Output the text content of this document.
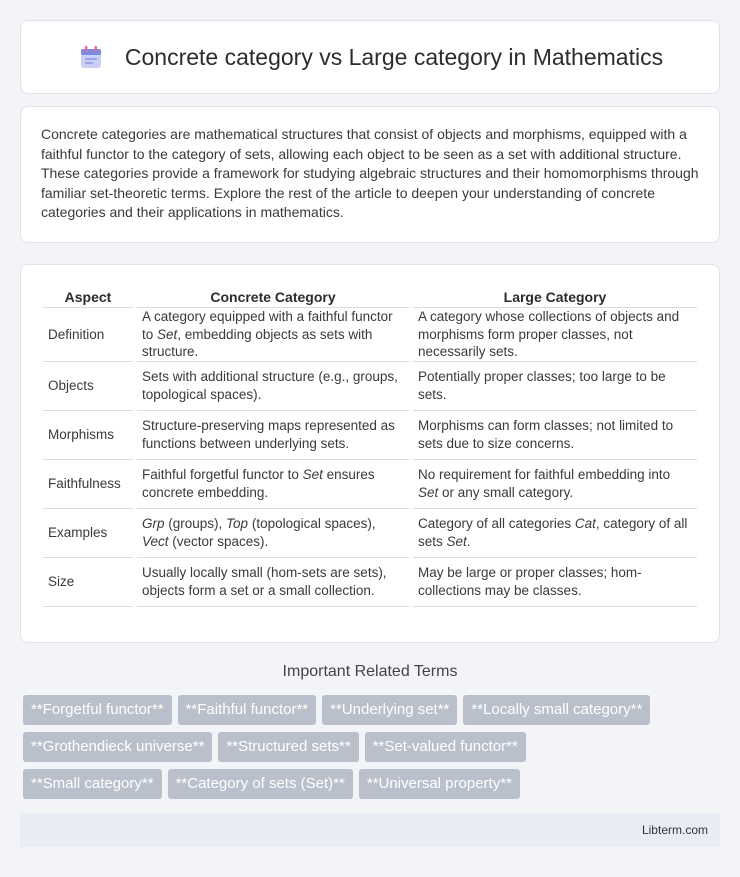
Concrete category vs Large category in Mathematics

Concrete categories are mathematical structures that consist of objects and morphisms, equipped with a faithful functor to the category of sets, allowing each object to be seen as a set with additional structure. These categories provide a framework for studying algebraic structures and their homomorphisms through familiar set-theoretic terms. Explore the rest of the article to deepen your understanding of concrete categories and their applications in mathematics.

Aspect	Concrete Category	Large Category
Definition	A category equipped with a faithful functor to Set, embedding objects as sets with structure.	A category whose collections of objects and morphisms form proper classes, not necessarily sets.
Objects	Sets with additional structure (e.g., groups, topological spaces).	Potentially proper classes; too large to be sets.
Morphisms	Structure-preserving maps represented as functions between underlying sets.	Morphisms can form classes; not limited to sets due to size concerns.
Faithfulness	Faithful forgetful functor to Set ensures concrete embedding.	No requirement for faithful embedding into Set or any small category.
Examples	Grp (groups), Top (topological spaces), Vect (vector spaces).	Category of all categories Cat, category of all sets Set.
Size	Usually locally small (hom-sets are sets), objects form a set or a small collection.	May be large or proper classes; hom-collections may be classes.
Important Related Terms
**Forgetful functor**	**Faithful functor**	**Underlying set**	**Locally small category**
**Grothendieck universe**	**Structured sets**	**Set-valued functor**
**Small category**	**Category of sets (Set)**	**Universal property**
Libterm.com
